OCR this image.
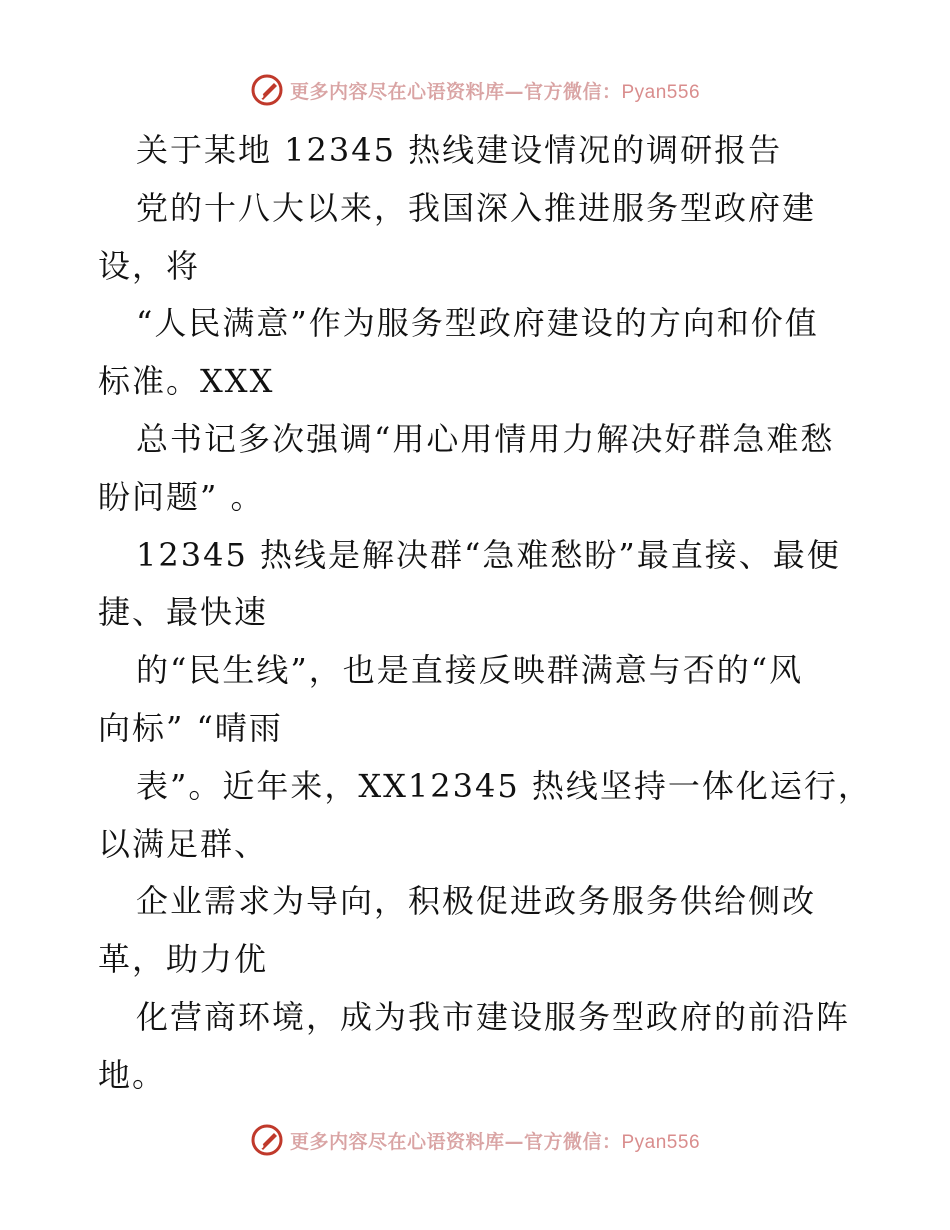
更多内容尽在心语资料库—官方微信：Pyan556
关于某地 12345 热线建设情况的调研报告
党的十八大以来，我国深入推进服务型政府建
设，将
“人民满意”作为服务型政府建设的方向和价值
标准。XXX
总书记多次强调“用心用情用力解决好群急难愁
盼问题” 。
12345 热线是解决群“急难愁盼”最直接、最便
捷、最快速
的“民生线”，也是直接反映群满意与否的“风
向标” “晴雨
表”。近年来，XX12345 热线坚持一体化运行，
以满足群、
企业需求为导向，积极促进政务服务供给侧改
革，助力优
化营商环境，成为我市建设服务型政府的前沿阵
地。
更多内容尽在心语资料库—官方微信：Pyan556
